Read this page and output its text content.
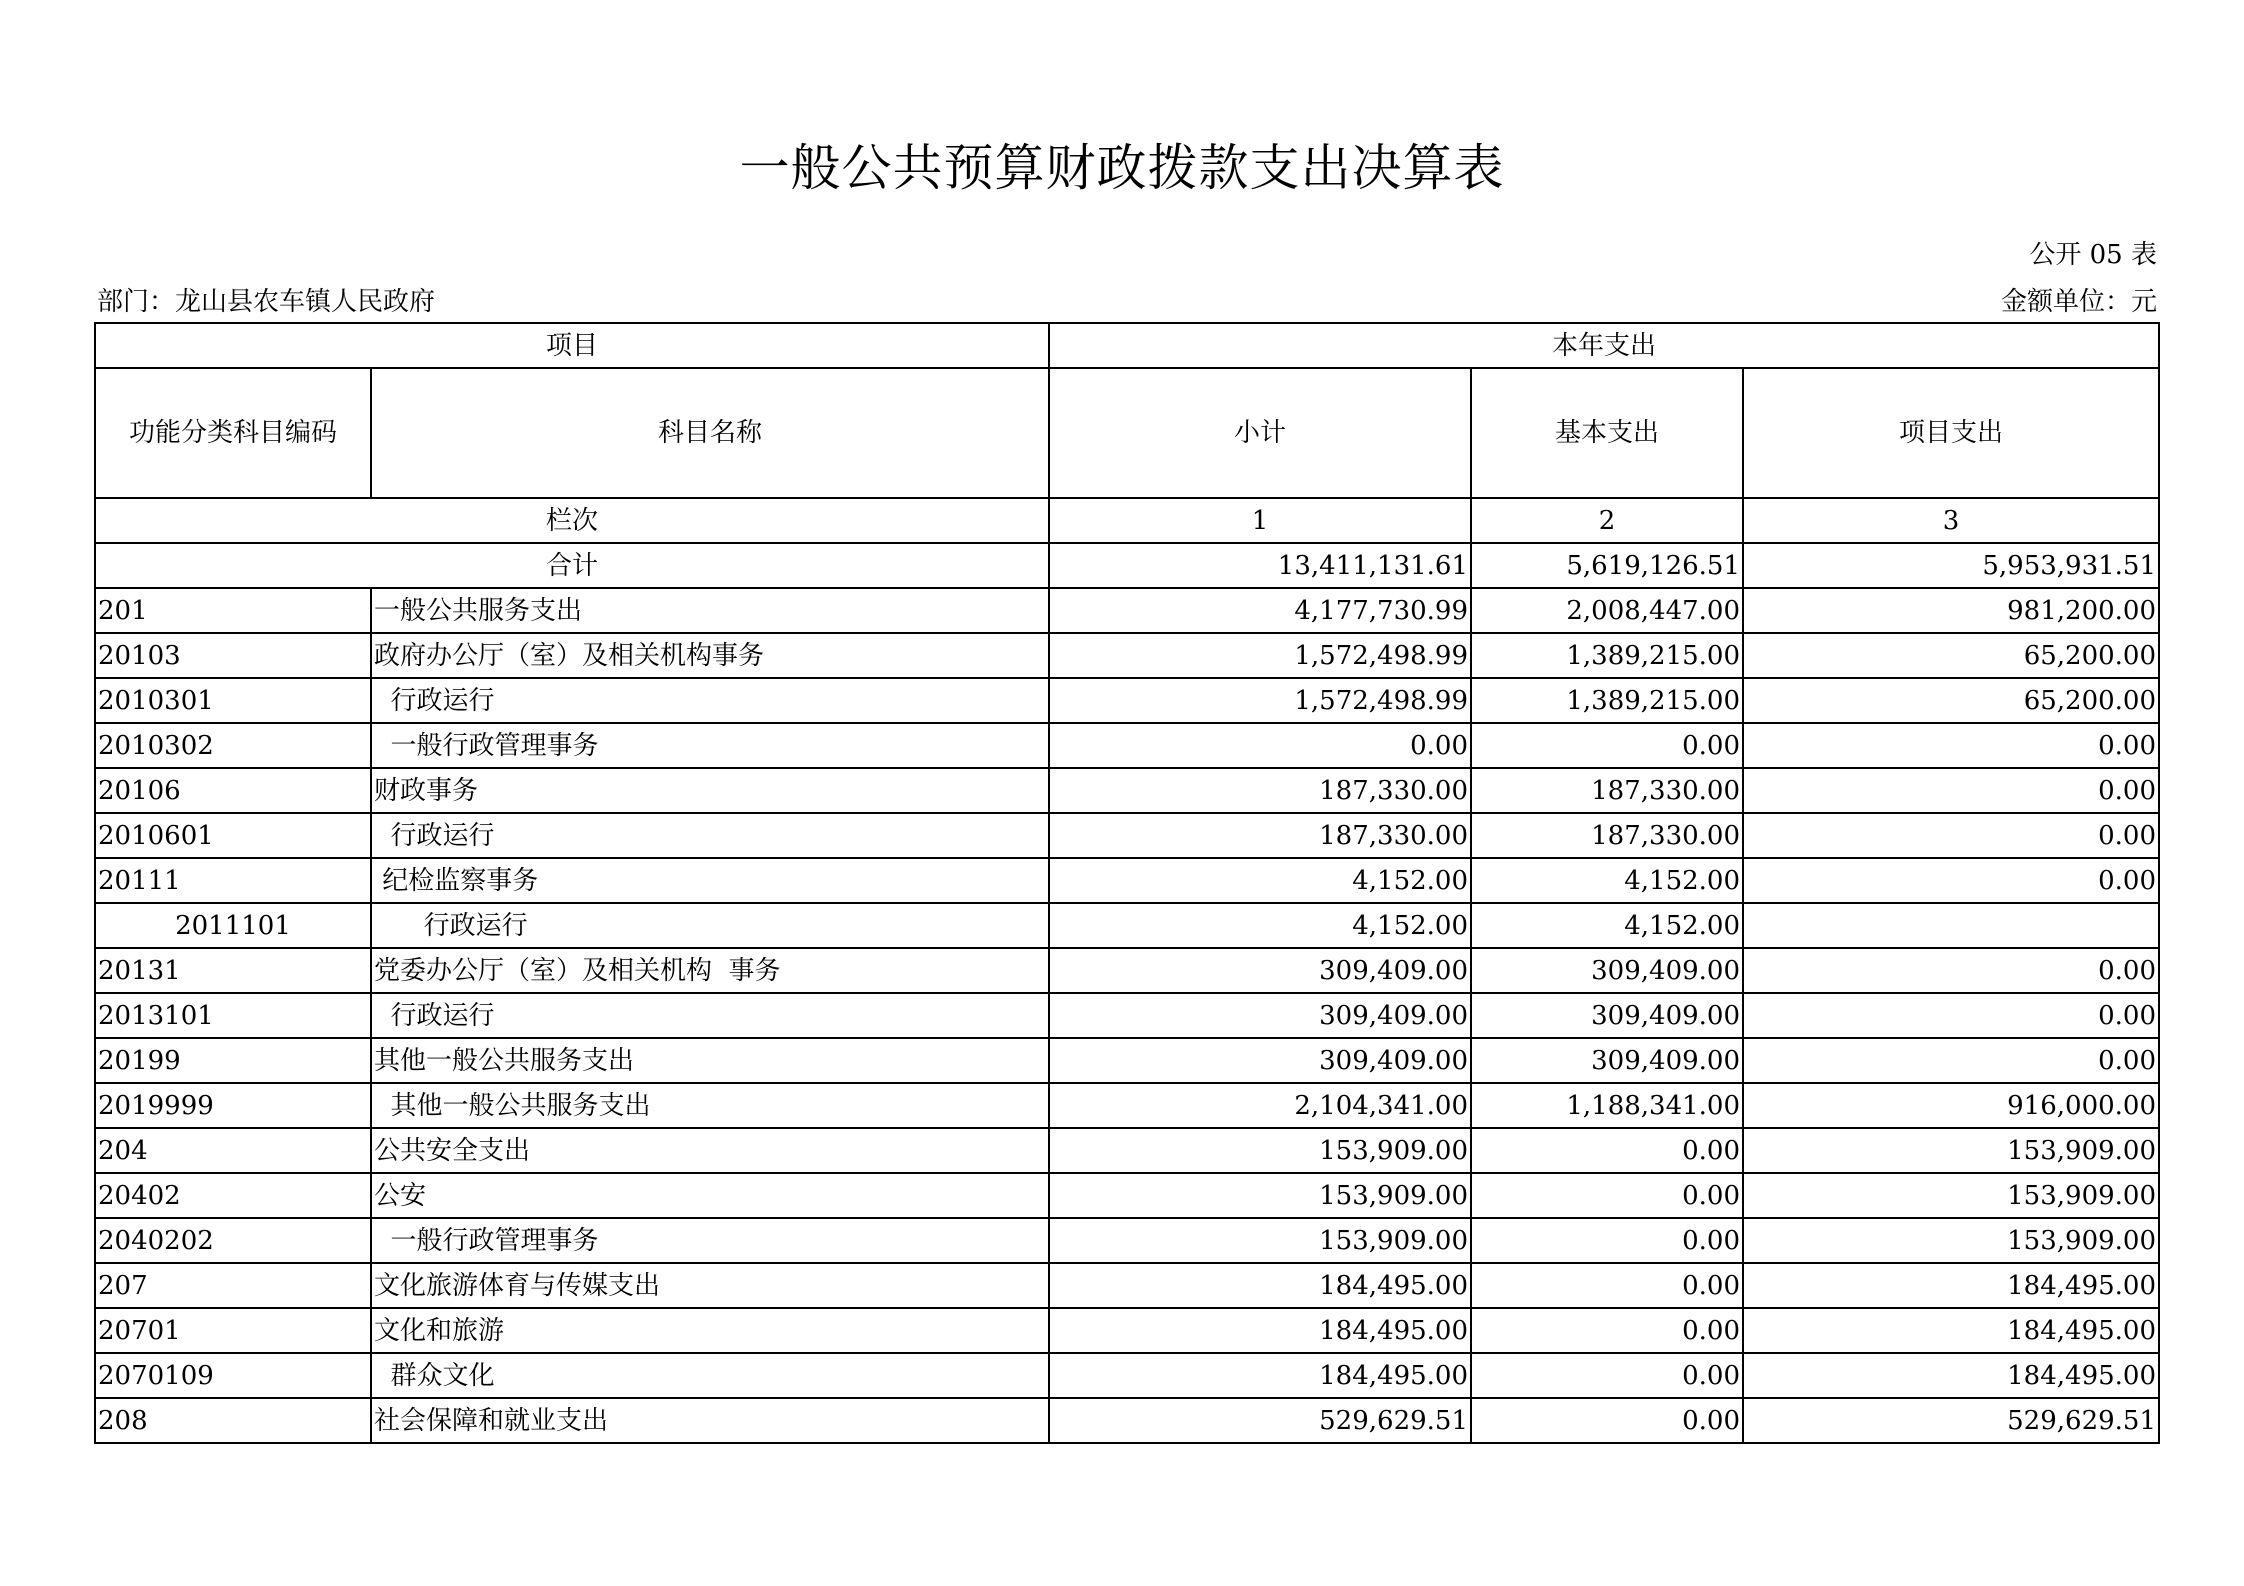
一般公共预算财政拨款支出决算表
公开 05 表
部门：龙山县农车镇人民政府	金额单位：元
项目		本年支出		
功能分类科目编码	科目名称	小计	基本支出	项目支出
栏次		1	2	3
合计		13,411,131.61	5,619,126.51	5,953,931.51
201	一般公共服务支出	4,177,730.99	2,008,447.00	981,200.00
20103	政府办公厅（室）及相关机构事务	1,572,498.99	1,389,215.00	65,200.00
2010301	行政运行	1,572,498.99	1,389,215.00	65,200.00
2010302	一般行政管理事务	0.00	0.00	0.00
20106	财政事务	187,330.00	187,330.00	0.00
2010601	行政运行	187,330.00	187,330.00	0.00
20111	纪检监察事务	4,152.00	4,152.00	0.00
2011101	行政运行	4,152.00	4,152.00	
20131	党委办公厅（室）及相关机构  事务	309,409.00	309,409.00	0.00
2013101	行政运行	309,409.00	309,409.00	0.00
20199	其他一般公共服务支出	309,409.00	309,409.00	0.00
2019999	其他一般公共服务支出	2,104,341.00	1,188,341.00	916,000.00
204	公共安全支出	153,909.00	0.00	153,909.00
20402	公安	153,909.00	0.00	153,909.00
2040202	一般行政管理事务	153,909.00	0.00	153,909.00
207	文化旅游体育与传媒支出	184,495.00	0.00	184,495.00
20701	文化和旅游	184,495.00	0.00	184,495.00
2070109	群众文化	184,495.00	0.00	184,495.00
208	社会保障和就业支出	529,629.51	0.00	529,629.51
